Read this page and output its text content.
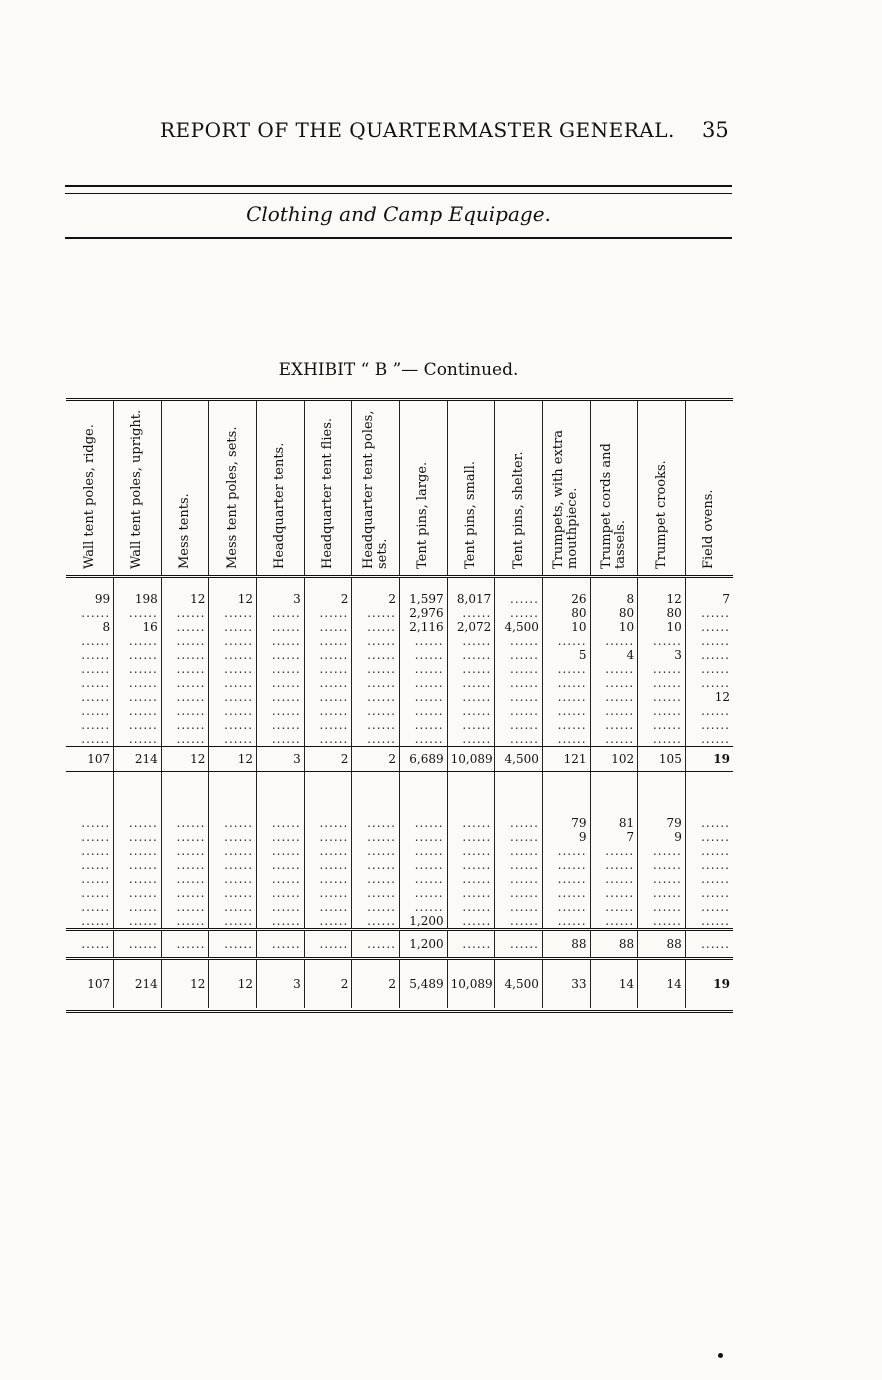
REPORT OF THE QUARTERMASTER GENERAL. 35
Clothing and Camp Equipage.
EXHIBIT “ B ”— Continued.
Wall tent poles, ridge.	Wall tent poles, upright.	Mess tents.	Mess tent poles, sets.	Headquarter tents.	Headquarter tent flies.	Headquarter tent poles, sets.	Tent pins, large.	Tent pins, small.	Tent pins, shelter.	Trumpets, with extra mouthpiece.	Trumpet cords and tassels.	Trumpet crooks.	Field ovens.

99	198	12	12	3	2	2	1,597	8,017	......	26	8	12	7
......	......	......	......	......	......	......	2,976	......	......	80	80	80	......
8	16	......	......	......	......	......	2,116	2,072	4,500	10	10	10	......
......	......	......	......	......	......	......	......	......	......	......	......	......	......
......	......	......	......	......	......	......	......	......	......	5	4	3	......
......	......	......	......	......	......	......	......	......	......	......	......	......	......
......	......	......	......	......	......	......	......	......	......	......	......	......	......
......	......	......	......	......	......	......	......	......	......	......	......	......	12
......	......	......	......	......	......	......	......	......	......	......	......	......	......
......	......	......	......	......	......	......	......	......	......	......	......	......	......
......	......	......	......	......	......	......	......	......	......	......	......	......	......
107	214	12	12	3	2	2	6,689	10,089	4,500	121	102	105	19

......	......	......	......	......	......	......	......	......	......	79	81	79	......
......	......	......	......	......	......	......	......	......	......	9	7	9	......
......	......	......	......	......	......	......	......	......	......	......	......	......	......
......	......	......	......	......	......	......	......	......	......	......	......	......	......
......	......	......	......	......	......	......	......	......	......	......	......	......	......
......	......	......	......	......	......	......	......	......	......	......	......	......	......
......	......	......	......	......	......	......	......	......	......	......	......	......	......
......	......	......	......	......	......	......	1,200	......	......	......	......	......	......
......	......	......	......	......	......	......	1,200	......	......	88	88	88	......
107	214	12	12	3	2	2	5,489	10,089	4,500	33	14	14	19
